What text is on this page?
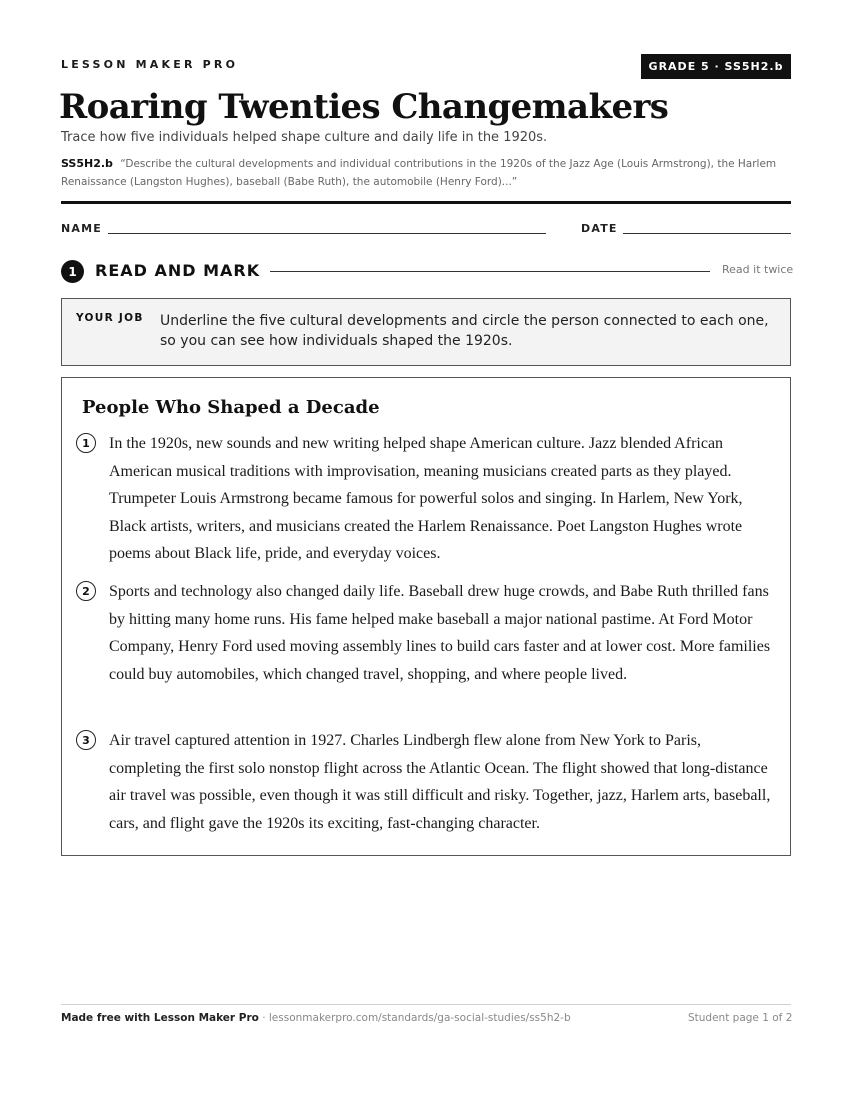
LESSON MAKER PRO	GRADE 5 · SS5H2.b
Roaring Twenties Changemakers
Trace how five individuals helped shape culture and daily life in the 1920s.
SS5H2.b “Describe the cultural developments and individual contributions in the 1920s of the Jazz Age (Louis Armstrong), the Harlem Renaissance (Langston Hughes), baseball (Babe Ruth), the automobile (Henry Ford)...”
NAME	DATE
1	READ AND MARK	Read it twice
YOUR JOB Underline the five cultural developments and circle the person connected to each one, so you can see how individuals shaped the 1920s.
People Who Shaped a Decade
1	In the 1920s, new sounds and new writing helped shape American culture. Jazz blended African American musical traditions with improvisation, meaning musicians created parts as they played. Trumpeter Louis Armstrong became famous for powerful solos and singing. In Harlem, New York, Black artists, writers, and musicians created the Harlem Renaissance. Poet Langston Hughes wrote poems about Black life, pride, and everyday voices.

2	Sports and technology also changed daily life. Baseball drew huge crowds, and Babe Ruth thrilled fans by hitting many home runs. His fame helped make baseball a major national pastime. At Ford Motor Company, Henry Ford used moving assembly lines to build cars faster and at lower cost. More families could buy automobiles, which changed travel, shopping, and where people lived.

3	Air travel captured attention in 1927. Charles Lindbergh flew alone from New York to Paris, completing the first solo nonstop flight across the Atlantic Ocean. The flight showed that long-distance air travel was possible, even though it was still difficult and risky. Together, jazz, Harlem arts, baseball, cars, and flight gave the 1920s its exciting, fast-changing character.

Made free with Lesson Maker Pro · lessonmakerpro.com/standards/ga-social-studies/ss5h2-b	Student page 1 of 2
